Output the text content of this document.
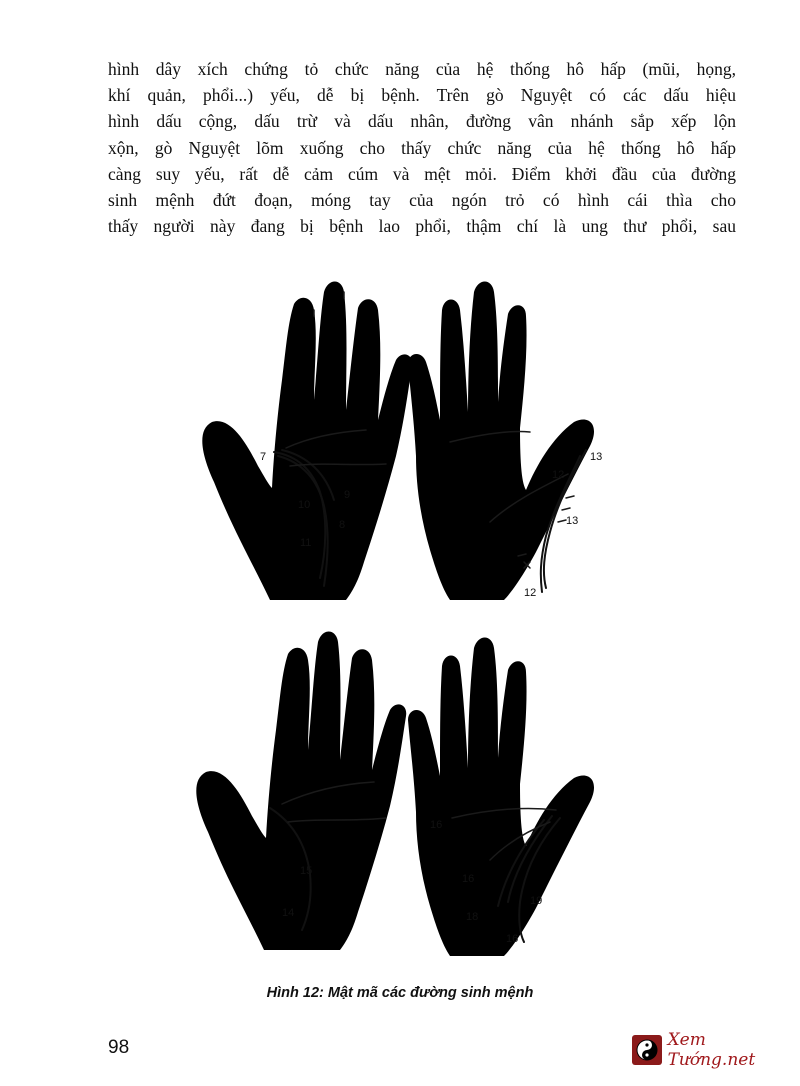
hình dây xích chứng tỏ chức năng của hệ thống hô hấp (mũi, họng,
khí quản, phổi...) yếu, dễ bị bệnh. Trên gò Nguyệt có các dấu hiệu
hình dấu cộng, dấu trừ và dấu nhân, đường vân nhánh sắp xếp lộn
xộn, gò Nguyệt lõm xuống cho thấy chức năng của hệ thống hô hấp
càng suy yếu, rất dễ cảm cúm và mệt mỏi. Điểm khởi đầu của đường
sinh mệnh đứt đoạn, móng tay của ngón trỏ có hình cái thìa cho
thấy người này đang bị bệnh lao phổi, thậm chí là ung thư phổi, sau
7
9
10
8
11
12
13
13
12
15
14
16
16
18
19
16
Hình 12: Mật mã các đường sinh mệnh
98	Xem Tướng.net
